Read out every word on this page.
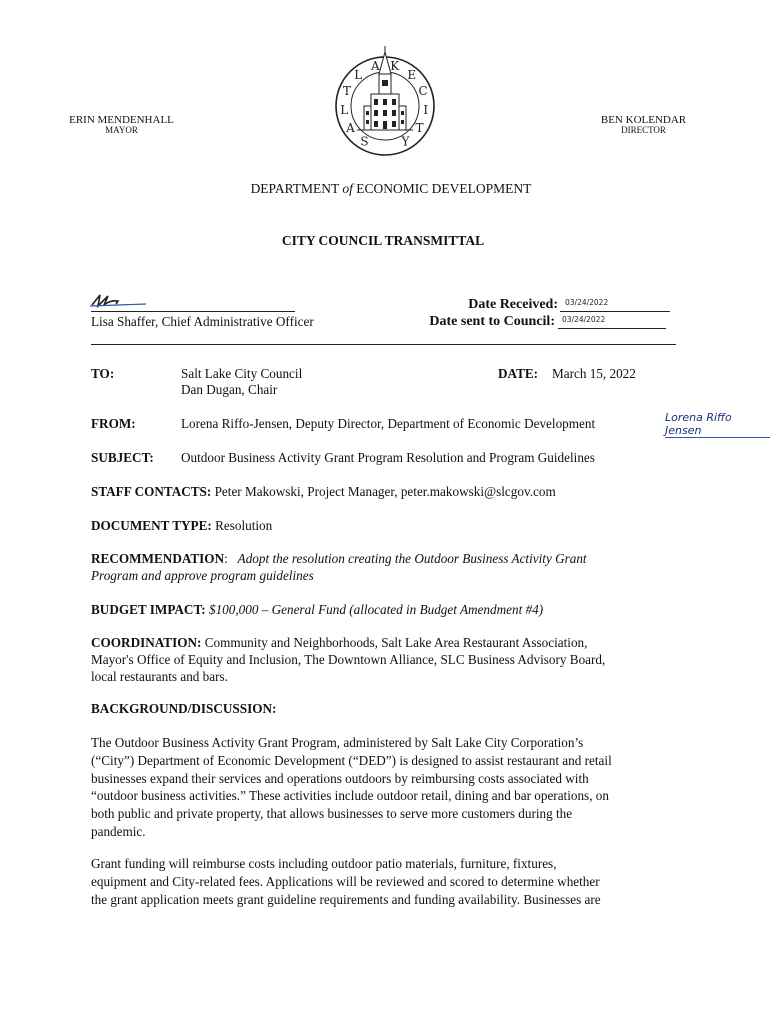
ERIN MENDENHALL
MAYOR
BEN KOLENDAR
DIRECTOR
S
A
L
T
L
A K
E
C
I
T
Y
DEPARTMENT of ECONOMIC DEVELOPMENT
CITY COUNCIL TRANSMITTAL
Lisa Shaffer, Chief Administrative Officer
Date Received: 03/24/2022
Date sent to Council: 03/24/2022
TO:	Salt Lake City Council
Dan Dugan, Chair
DATE: March 15, 2022
FROM:	Lorena Riffo-Jensen, Deputy Director, Department of Economic Development	Lorena Riffo Jensen
SUBJECT: Outdoor Business Activity Grant Program Resolution and Program Guidelines
STAFF CONTACTS: Peter Makowski, Project Manager, peter.makowski@slcgov.com
DOCUMENT TYPE: Resolution
RECOMMENDATION: Adopt the resolution creating the Outdoor Business Activity Grant
Program and approve program guidelines
BUDGET IMPACT: $100,000 – General Fund (allocated in Budget Amendment #4)
COORDINATION: Community and Neighborhoods, Salt Lake Area Restaurant Association,
Mayor's Office of Equity and Inclusion, The Downtown Alliance, SLC Business Advisory Board,
local restaurants and bars.
BACKGROUND/DISCUSSION:
The Outdoor Business Activity Grant Program, administered by Salt Lake City Corporation’s
(“City”) Department of Economic Development (“DED”) is designed to assist restaurant and retail
businesses expand their services and operations outdoors by reimbursing costs associated with
“outdoor business activities.” These activities include outdoor retail, dining and bar operations, on
both public and private property, that allows businesses to serve more customers during the
pandemic.
Grant funding will reimburse costs including outdoor patio materials, furniture, fixtures,
equipment and City-related fees. Applications will be reviewed and scored to determine whether
the grant application meets grant guideline requirements and funding availability. Businesses are
